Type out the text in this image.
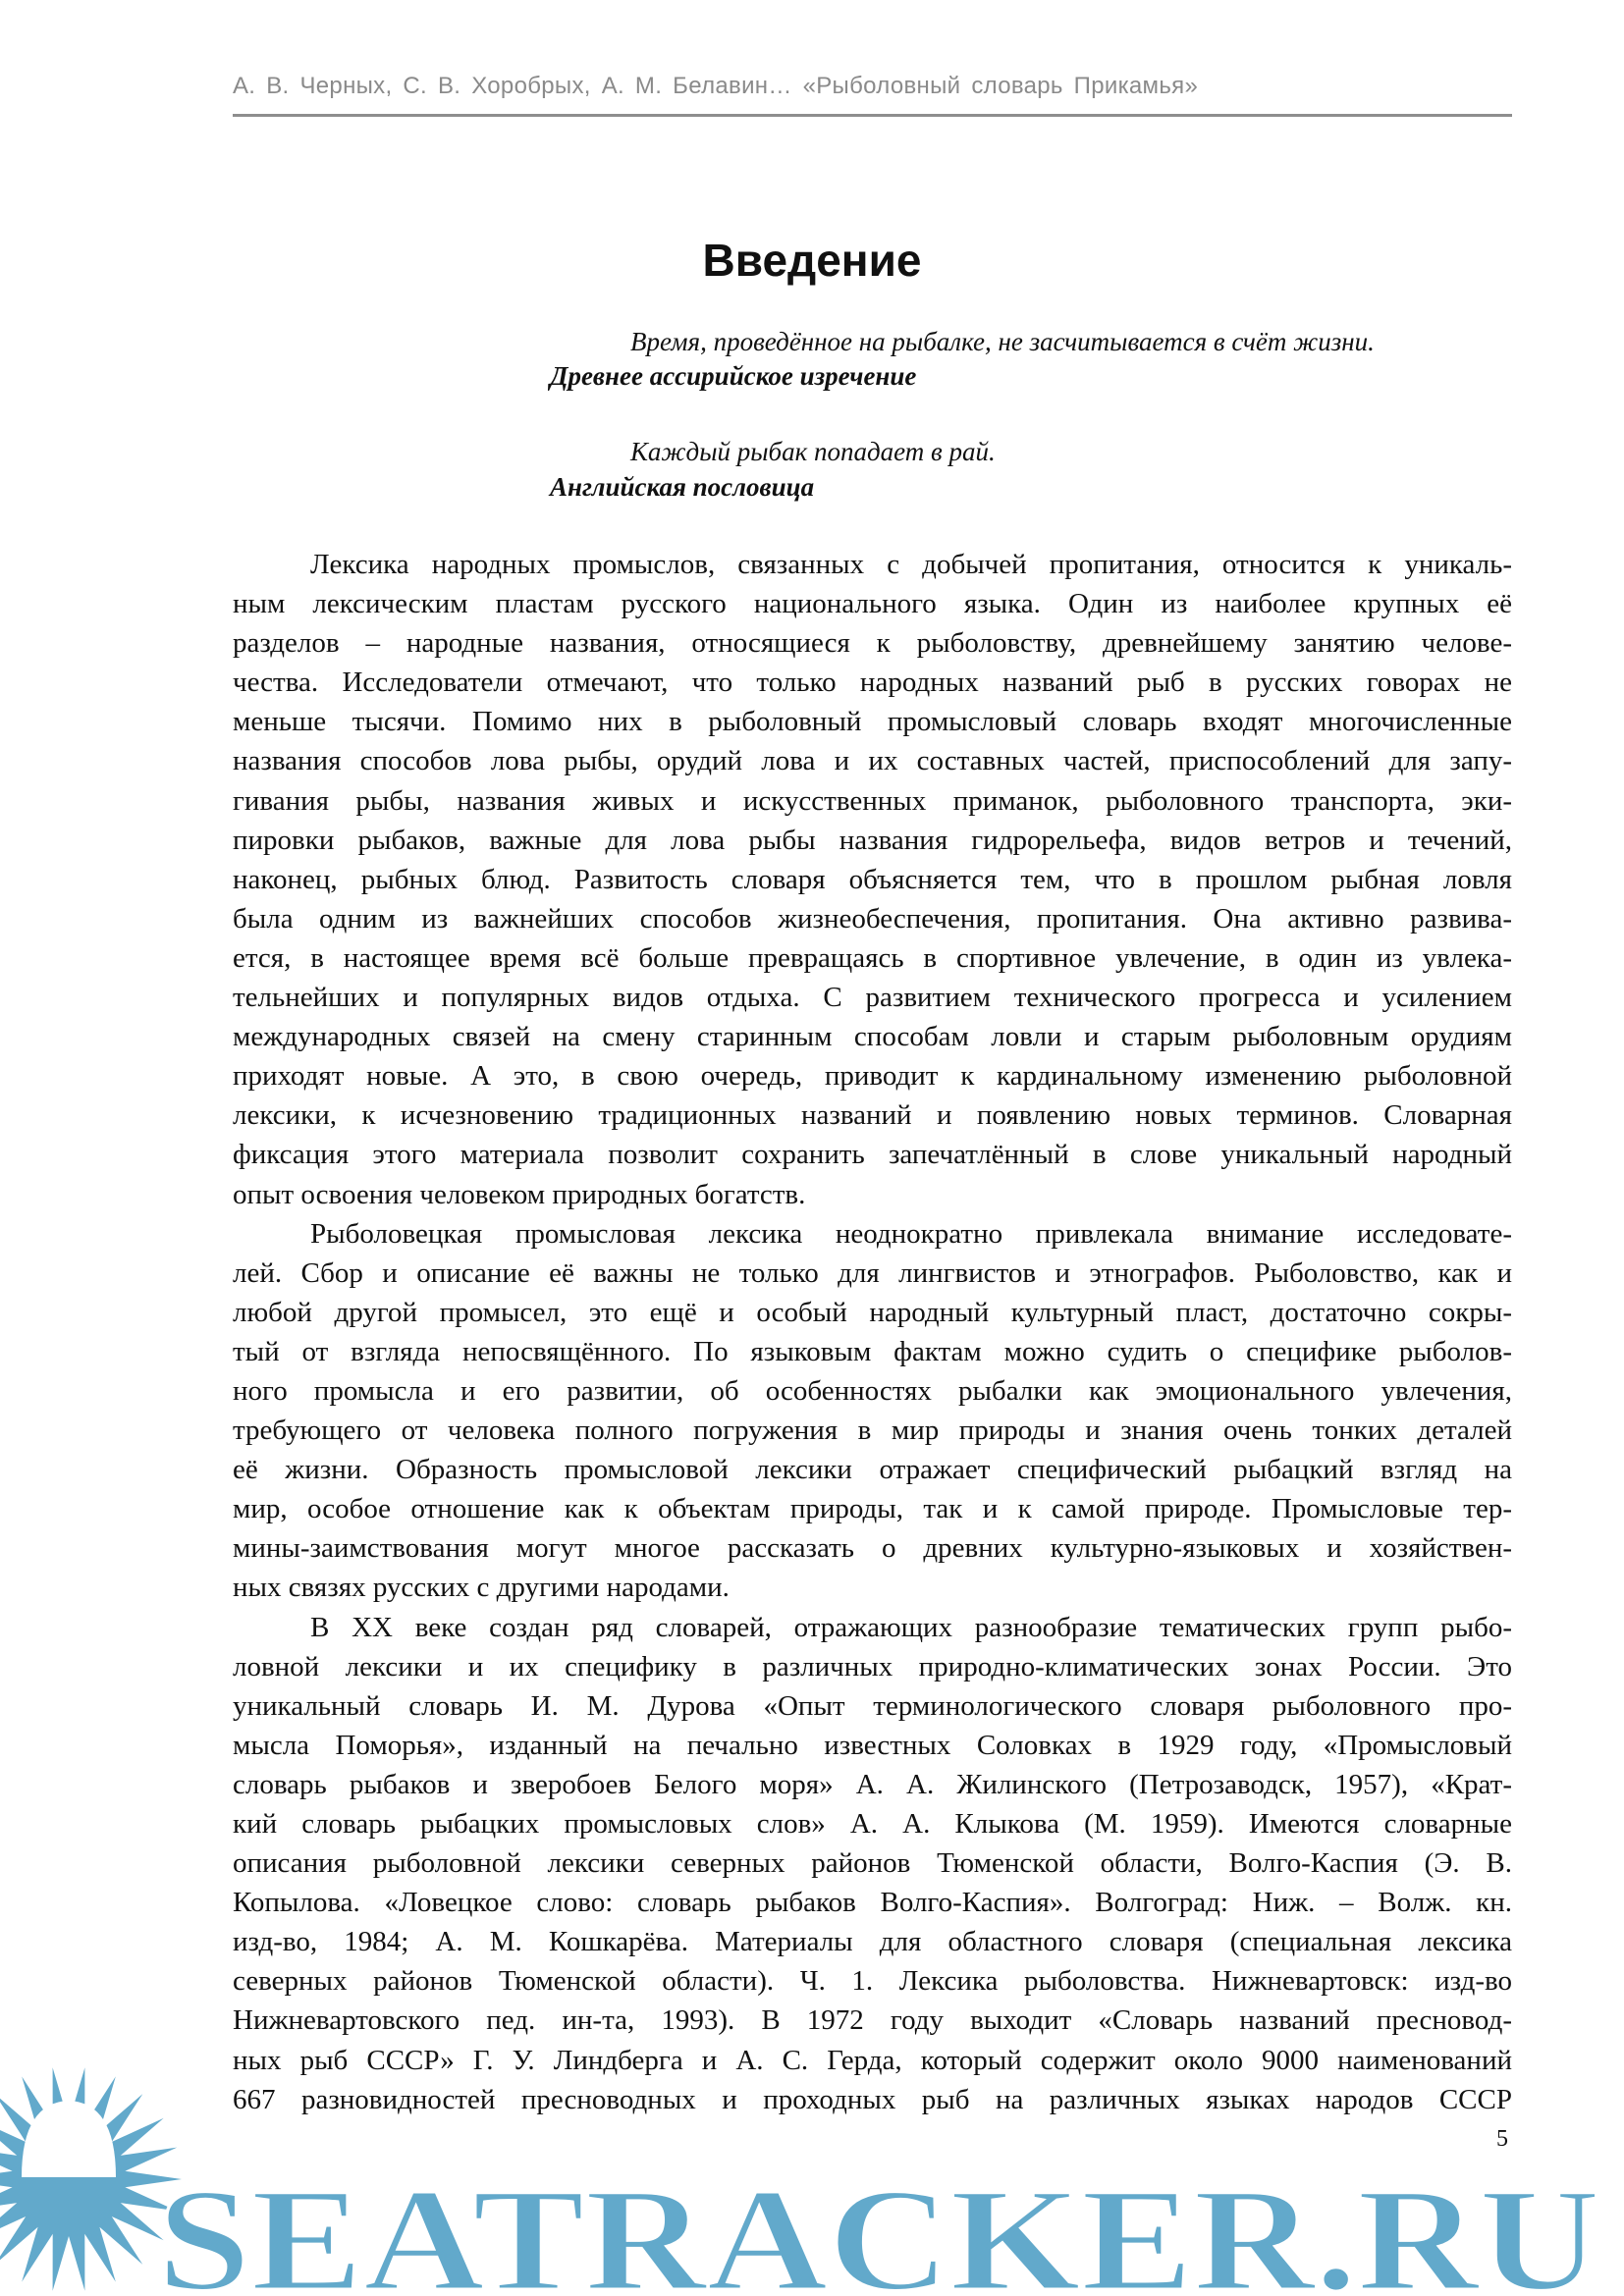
А. В. Черных, С. В. Хоробрых, А. М. Белавин… «Рыболовный словарь Прикамья»
Введение
Время, проведённое на рыбалке, не засчитывается в счёт жизни.
Древнее ассирийское изречение
Каждый рыбак попадает в рай.
Английская пословица
Лексика народных промыслов, связанных с добычей пропитания, относится к уникаль-
ным лексическим пластам русского национального языка. Один из наиболее крупных её
разделов – народные названия, относящиеся к рыболовству, древнейшему занятию челове-
чества. Исследователи отмечают, что только народных названий рыб в русских говорах не
меньше тысячи. Помимо них в рыболовный промысловый словарь входят многочисленные
названия способов лова рыбы, орудий лова и их составных частей, приспособлений для запу-
гивания рыбы, названия живых и искусственных приманок, рыболовного транспорта, эки-
пировки рыбаков, важные для лова рыбы названия гидрорельефа, видов ветров и течений,
наконец, рыбных блюд. Развитость словаря объясняется тем, что в прошлом рыбная ловля
была одним из важнейших способов жизнеобеспечения, пропитания. Она активно развива-
ется, в настоящее время всё больше превращаясь в спортивное увлечение, в один из увлека-
тельнейших и популярных видов отдыха. С развитием технического прогресса и усилением
международных связей на смену старинным способам ловли и старым рыболовным орудиям
приходят новые. А это, в свою очередь, приводит к кардинальному изменению рыболовной
лексики, к исчезновению традиционных названий и появлению новых терминов. Словарная
фиксация этого материала позволит сохранить запечатлённый в слове уникальный народный
опыт освоения человеком природных богатств.
Рыболовецкая промысловая лексика неоднократно привлекала внимание исследовате-
лей. Сбор и описание её важны не только для лингвистов и этнографов. Рыболовство, как и
любой другой промысел, это ещё и особый народный культурный пласт, достаточно сокры-
тый от взгляда непосвящённого. По языковым фактам можно судить о специфике рыболов-
ного промысла и его развитии, об особенностях рыбалки как эмоционального увлечения,
требующего от человека полного погружения в мир природы и знания очень тонких деталей
её жизни. Образность промысловой лексики отражает специфический рыбацкий взгляд на
мир, особое отношение как к объектам природы, так и к самой природе. Промысловые тер-
мины-заимствования могут многое рассказать о древних культурно-языковых и хозяйствен-
ных связях русских с другими народами.
В XX веке создан ряд словарей, отражающих разнообразие тематических групп рыбо-
ловной лексики и их специфику в различных природно-климатических зонах России. Это
уникальный словарь И. М. Дурова «Опыт терминологического словаря рыболовного про-
мысла Поморья», изданный на печально известных Соловках в 1929 году, «Промысловый
словарь рыбаков и зверобоев Белого моря» А. А. Жилинского (Петрозаводск, 1957), «Крат-
кий словарь рыбацких промысловых слов» А. А. Клыкова (М. 1959). Имеются словарные
описания рыболовной лексики северных районов Тюменской области, Волго-Каспия (Э. В.
Копылова. «Ловецкое слово: словарь рыбаков Волго-Каспия». Волгоград: Ниж. – Волж. кн.
изд-во, 1984; А. М. Кошкарёва. Материалы для областного словаря (специальная лексика
северных районов Тюменской области). Ч. 1. Лексика рыболовства. Нижневартовск: изд-во
Нижневартовского пед. ин-та, 1993). В 1972 году выходит «Словарь названий пресновод-
ных рыб СССР» Г. У. Линдберга и А. С. Герда, который содержит около 9000 наименований
667 разновидностей пресноводных и проходных рыб на различных языках народов СССР
SEATRACKER.RU
5
